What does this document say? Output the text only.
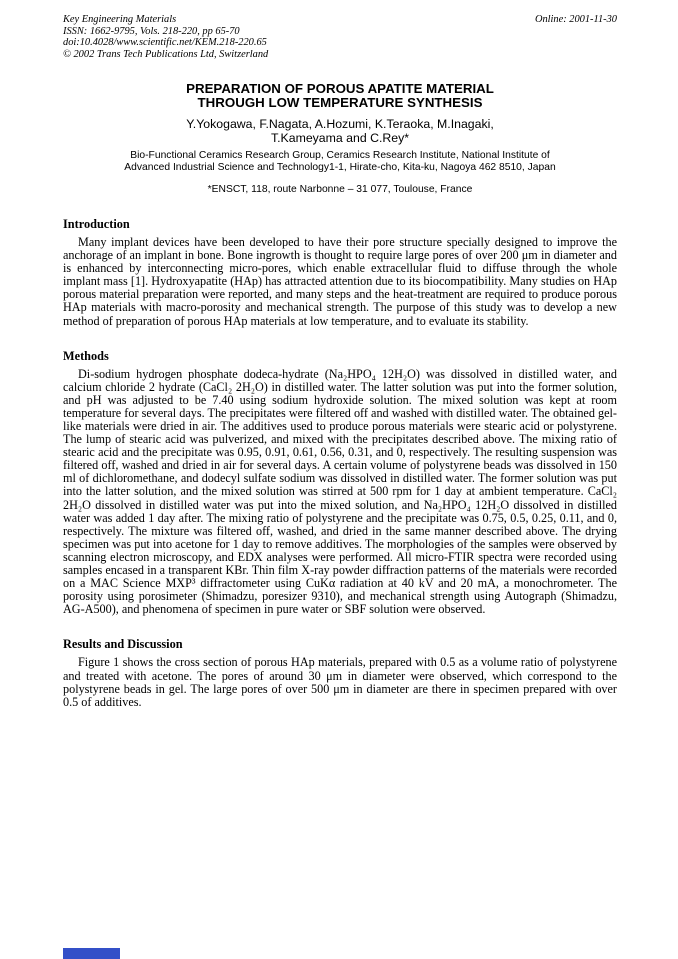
Key Engineering Materials
ISSN: 1662-9795, Vols. 218-220, pp 65-70
doi:10.4028/www.scientific.net/KEM.218-220.65
© 2002 Trans Tech Publications Ltd, Switzerland
Online: 2001-11-30
PREPARATION OF POROUS APATITE MATERIAL
THROUGH LOW TEMPERATURE SYNTHESIS
Y.Yokogawa, F.Nagata, A.Hozumi, K.Teraoka, M.Inagaki,
T.Kameyama and C.Rey*
Bio-Functional Ceramics Research Group, Ceramics Research Institute, National Institute of
Advanced Industrial Science and Technology1-1, Hirate-cho, Kita-ku, Nagoya 462 8510, Japan
*ENSCT, 118, route Narbonne – 31 077, Toulouse, France
Introduction
Many implant devices have been developed to have their pore structure specially designed to improve the anchorage of an implant in bone. Bone ingrowth is thought to require large pores of over 200 μm in diameter and is enhanced by interconnecting micro-pores, which enable extracellular fluid to diffuse through the whole implant mass [1]. Hydroxyapatite (HAp) has attracted attention due to its biocompatibility. Many studies on HAp porous material preparation were reported, and many steps and the heat-treatment are required to produce porous HAp materials with macro-porosity and mechanical strength. The purpose of this study was to develop a new method of preparation of porous HAp materials at low temperature, and to evaluate its stability.
Methods
Di-sodium hydrogen phosphate dodeca-hydrate (Na₂HPO₄ 12H₂O) was dissolved in distilled water, and calcium chloride 2 hydrate (CaCl₂ 2H₂O) in distilled water. The latter solution was put into the former solution, and pH was adjusted to be 7.40 using sodium hydroxide solution. The mixed solution was kept at room temperature for several days. The precipitates were filtered off and washed with distilled water. The obtained gel-like materials were dried in air. The additives used to produce porous materials were stearic acid or polystyrene. The lump of stearic acid was pulverized, and mixed with the precipitates described above. The mixing ratio of stearic acid and the precipitate was 0.95, 0.91, 0.61, 0.56, 0.31, and 0, respectively. The resulting suspension was filtered off, washed and dried in air for several days. A certain volume of polystyrene beads was dissolved in 150 ml of dichloromethane, and dodecyl sulfate sodium was dissolved in distilled water. The former solution was put into the latter solution, and the mixed solution was stirred at 500 rpm for 1 day at ambient temperature. CaCl₂ 2H₂O dissolved in distilled water was put into the mixed solution, and Na₂HPO₄ 12H₂O dissolved in distilled water was added 1 day after. The mixing ratio of polystyrene and the precipitate was 0.75, 0.5, 0.25, 0.11, and 0, respectively. The mixture was filtered off, washed, and dried in the same manner described above. The drying specimen was put into acetone for 1 day to remove additives. The morphologies of the samples were observed by scanning electron microscopy, and EDX analyses were performed. All micro-FTIR spectra were recorded using samples encased in a transparent KBr. Thin film X-ray powder diffraction patterns of the materials were recorded on a MAC Science MXP³ diffractometer using CuKα radiation at 40 kV and 20 mA, a monochrometer. The porosity using porosimeter (Shimadzu, poresizer 9310), and mechanical strength using Autograph (Shimadzu, AG-A500), and phenomena of specimen in pure water or SBF solution were observed.
Results and Discussion
Figure 1 shows the cross section of porous HAp materials, prepared with 0.5 as a volume ratio of polystyrene and treated with acetone. The pores of around 30 μm in diameter were observed, which correspond to the polystyrene beads in gel. The large pores of over 500 μm in diameter are there in specimen prepared with over 0.5 of additives.
